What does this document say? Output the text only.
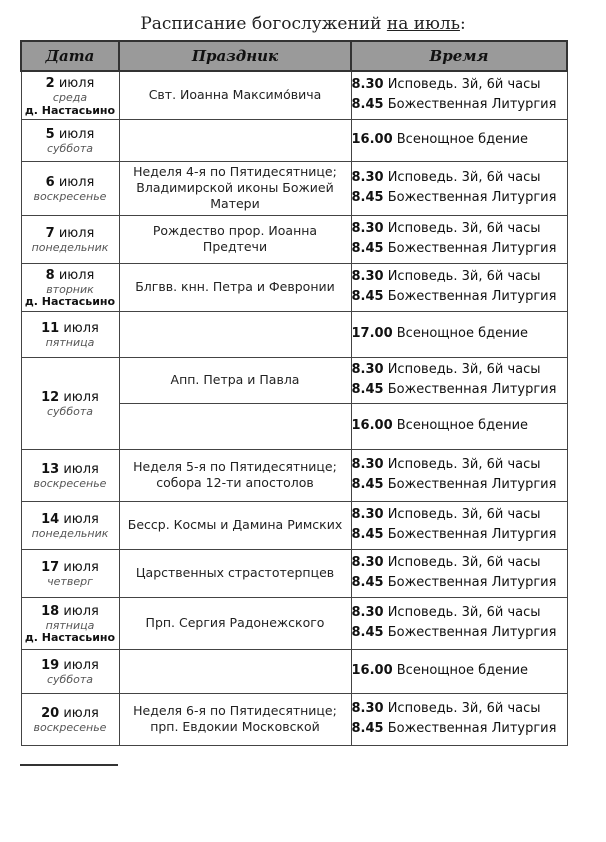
Расписание богослужений на июль:
Дата	Праздник	Время
2 июля
среда
д. Настасьино	Свт. Иоанна Максимо́вича	8.30 Исповедь. 3й, 6й часы
8.45 Божественная Литургия

5 июля
суббота		16.00 Всенощное бдение

6 июля
воскресенье	Неделя 4-я по Пятидесятнице; Владимирской иконы Божией Матери	8.30 Исповедь. 3й, 6й часы
8.45 Божественная Литургия

7 июля
понедельник	Рождество прор. Иоанна Предтечи	8.30 Исповедь. 3й, 6й часы
8.45 Божественная Литургия

8 июля
вторник
д. Настасьино	Блгвв. кнн. Петра и Февронии	8.30 Исповедь. 3й, 6й часы
8.45 Божественная Литургия

11 июля
пятница		17.00 Всенощное бдение

12 июля
суббота	Апп. Петра и Павла	8.30 Исповедь. 3й, 6й часы
8.45 Божественная Литургия

		16.00 Всенощное бдение

13 июля
воскресенье	Неделя 5-я по Пятидесятнице; собора 12-ти апостолов	8.30 Исповедь. 3й, 6й часы
8.45 Божественная Литургия

14 июля
понедельник	Бесср. Космы и Дамина Римских	8.30 Исповедь. 3й, 6й часы
8.45 Божественная Литургия

17 июля
четверг	Царственных страстотерпцев	8.30 Исповедь. 3й, 6й часы
8.45 Божественная Литургия

18 июля
пятница
д. Настасьино	Прп. Сергия Радонежского	8.30 Исповедь. 3й, 6й часы
8.45 Божественная Литургия

19 июля
суббота		16.00 Всенощное бдение

20 июля
воскресенье	Неделя 6-я по Пятидесятнице; прп. Евдокии Московской	8.30 Исповедь. 3й, 6й часы
8.45 Божественная Литургия
